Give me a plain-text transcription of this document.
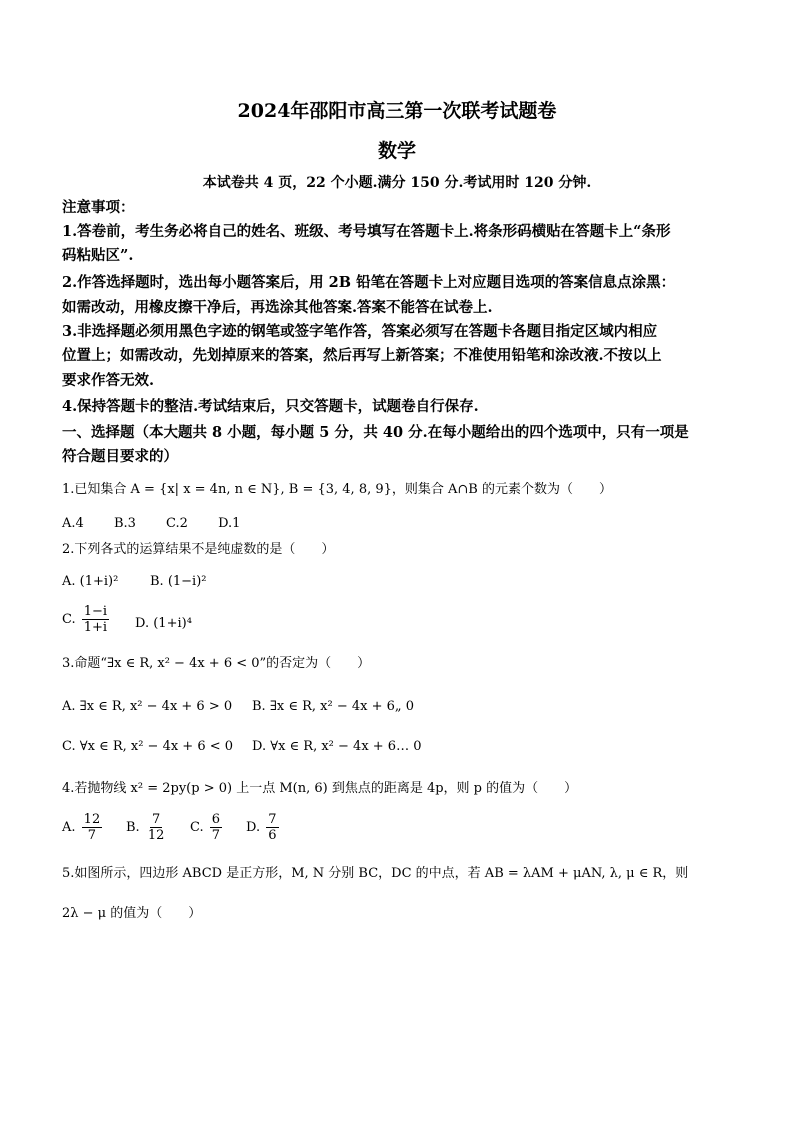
2024年邵阳市高三第一次联考试题卷
数学
本试卷共 4 页，22 个小题.满分 150 分.考试用时 120 分钟.
注意事项：
1.答卷前，考生务必将自己的姓名、班级、考号填写在答题卡上.将条形码横贴在答题卡上“条形
码粘贴区”.
2.作答选择题时，选出每小题答案后，用 2B 铅笔在答题卡上对应题目选项的答案信息点涂黑：
如需改动，用橡皮擦干净后，再选涂其他答案.答案不能答在试卷上.
3.非选择题必须用黑色字迹的钢笔或签字笔作答，答案必须写在答题卡各题目指定区域内相应
位置上；如需改动，先划掉原来的答案，然后再写上新答案；不准使用铅笔和涂改液.不按以上
要求作答无效.
4.保持答题卡的整洁.考试结束后，只交答题卡，试题卷自行保存.
一、选择题（本大题共 8 小题，每小题 5 分，共 40 分.在每小题给出的四个选项中，只有一项是
符合题目要求的）
1.已知集合 A = {x| x = 4n, n ∈ N}, B = {3, 4, 8, 9}，则集合 A∩B 的元素个数为（　　）
A.4 B.3 C.2 D.1
2.下列各式的运算结果不是纯虚数的是（　　）
A. (1+i)² B. (1−i)²
C. $\frac{1-i}{1+i} D$. (1+i)⁴
3.命题“∃x ∈ R, x² − 4x + 6 < 0”的否定为（　　）
A. ∃x ∈ R, x² − 4x + 6 > 0 B. ∃x ∈ R, x² − 4x + 6„ 0
C. ∀x ∈ R, x² − 4x + 6 < 0 D. ∀x ∈ R, x² − 4x + 6… 0
4.若抛物线 x² = 2py(p > 0) 上一点 M(n, 6) 到焦点的距离是 4p，则 p 的值为（　　）
A. $\frac{12}{7} B$. $\frac{7}{12} C$. $\frac{6}{7} D$. $\frac{7}{6}$
5.如图所示，四边形 ABCD 是正方形，M, N 分别 BC，DC 的中点，若 AB = λAM + μAN, λ, μ ∈ R，则
2λ − μ 的值为（　　）
